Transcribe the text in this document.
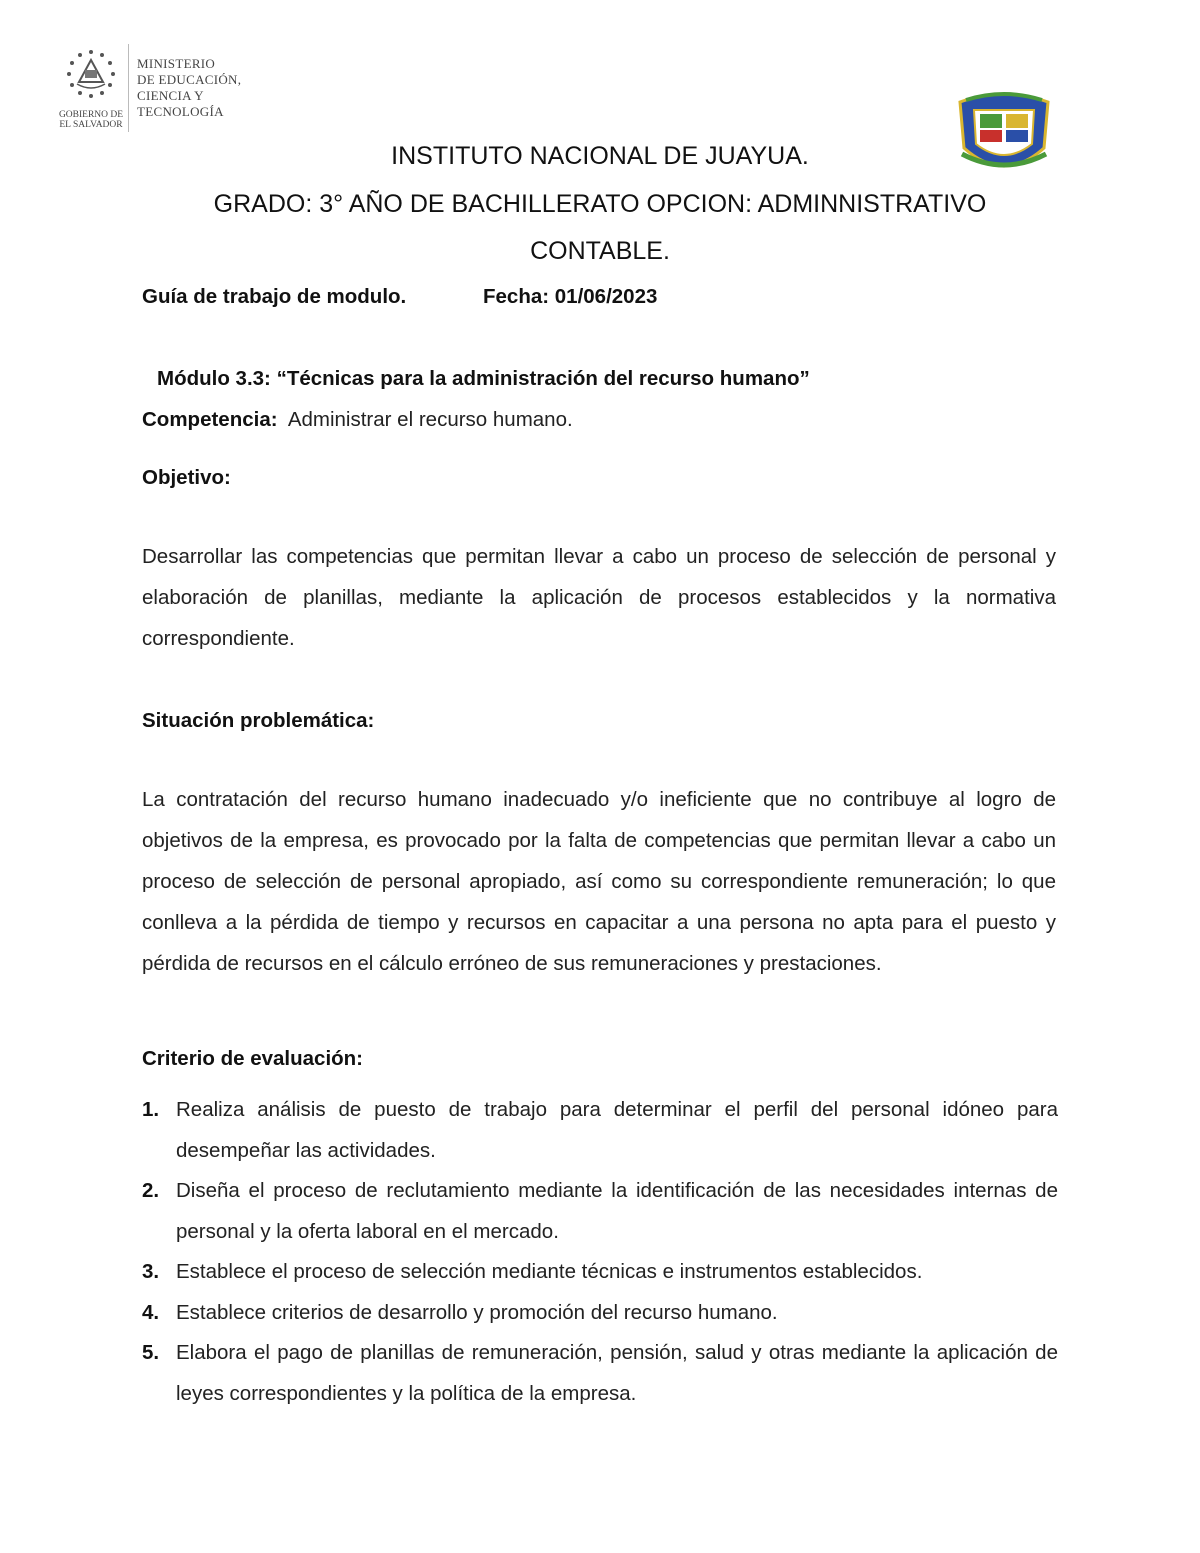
MINISTERIO
DE EDUCACIÓN,
CIENCIA Y
TECNOLOGÍA
GOBIERNO DE
EL SALVADOR
INSTITUTO NACIONAL DE JUAYUA.
GRADO: 3° AÑO DE BACHILLERATO OPCION: ADMINNISTRATIVO
CONTABLE.
Guía de trabajo de modulo.	Fecha: 01/06/2023
Módulo 3.3: “Técnicas para la administración del recurso humano”
Competencia: Administrar el recurso humano.
Objetivo:
Desarrollar las competencias que permitan llevar a cabo un proceso de selección de personal y elaboración de planillas, mediante la aplicación de procesos establecidos y la normativa correspondiente.
Situación problemática:
La contratación del recurso humano inadecuado y/o ineficiente que no contribuye al logro de objetivos de la empresa, es provocado por la falta de competencias que permitan llevar a cabo un proceso de selección de personal apropiado, así como su correspondiente remuneración; lo que conlleva a la pérdida de tiempo y recursos en capacitar a una persona no apta para el puesto y pérdida de recursos en el cálculo erróneo de sus remuneraciones y prestaciones.
Criterio de evaluación:
1. Realiza análisis de puesto de trabajo para determinar el perfil del personal idóneo para desempeñar las actividades.
2. Diseña el proceso de reclutamiento mediante la identificación de las necesidades internas de personal y la oferta laboral en el mercado.
3. Establece el proceso de selección mediante técnicas e instrumentos establecidos.
4. Establece criterios de desarrollo y promoción del recurso humano.
5. Elabora el pago de planillas de remuneración, pensión, salud y otras mediante la aplicación de leyes correspondientes y la política de la empresa.
